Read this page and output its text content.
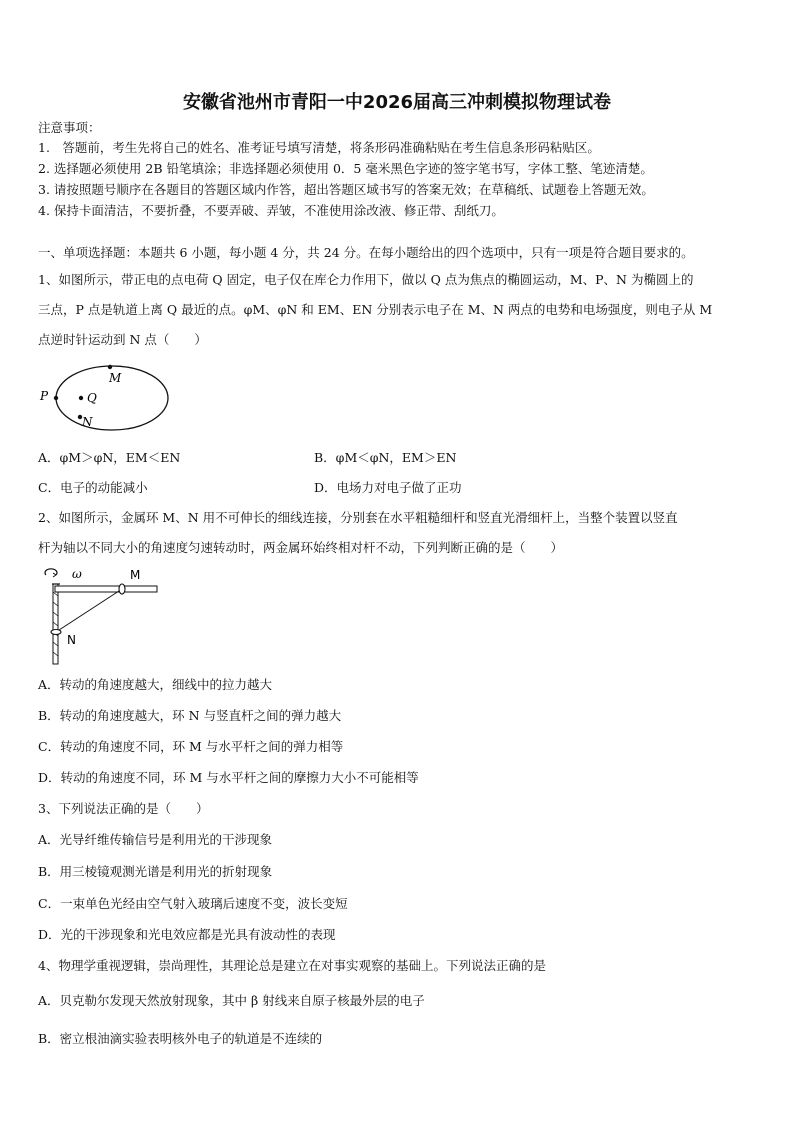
安徽省池州市青阳一中2026届高三冲刺模拟物理试卷
注意事项：
1.　答题前，考生先将自己的姓名、准考证号填写清楚，将条形码准确粘贴在考生信息条形码粘贴区。
2. 选择题必须使用 2B 铅笔填涂；非选择题必须使用 0．5 毫米黑色字迹的签字笔书写，字体工整、笔迹清楚。
3. 请按照题号顺序在各题目的答题区域内作答，超出答题区域书写的答案无效；在草稿纸、试题卷上答题无效。
4. 保持卡面清洁，不要折叠，不要弄破、弄皱，不准使用涂改液、修正带、刮纸刀。
一、单项选择题：本题共 6 小题，每小题 4 分，共 24 分。在每小题给出的四个选项中，只有一项是符合题目要求的。
1、如图所示，带正电的点电荷 Q 固定，电子仅在库仑力作用下，做以 Q 点为焦点的椭圆运动，M、P、N 为椭圆上的
三点，P 点是轨道上离 Q 最近的点。φM、φN 和 EM、EN 分别表示电子在 M、N 两点的电势和电场强度，则电子从 M
点逆时针运动到 N 点（　　）
P	Q
M
N
A．φM＞φN，EM＜EN	B．φM＜φN，EM＞EN
C．电子的动能减小	D．电场力对电子做了正功
2、如图所示，金属环 M、N 用不可伸长的细线连接，分别套在水平粗糙细杆和竖直光滑细杆上，当整个装置以竖直
杆为轴以不同大小的角速度匀速转动时，两金属环始终相对杆不动，下列判断正确的是（　　）
ω	M
N
A．转动的角速度越大，细线中的拉力越大
B．转动的角速度越大，环 N 与竖直杆之间的弹力越大
C．转动的角速度不同，环 M 与水平杆之间的弹力相等
D．转动的角速度不同，环 M 与水平杆之间的摩擦力大小不可能相等
3、下列说法正确的是（　　）
A．光导纤维传输信号是利用光的干涉现象
B．用三棱镜观测光谱是利用光的折射现象
C．一束单色光经由空气射入玻璃后速度不变，波长变短
D．光的干涉现象和光电效应都是光具有波动性的表现
4、物理学重视逻辑，崇尚理性，其理论总是建立在对事实观察的基础上。下列说法正确的是
A．贝克勒尔发现天然放射现象，其中 β 射线来自原子核最外层的电子
B．密立根油滴实验表明核外电子的轨道是不连续的
